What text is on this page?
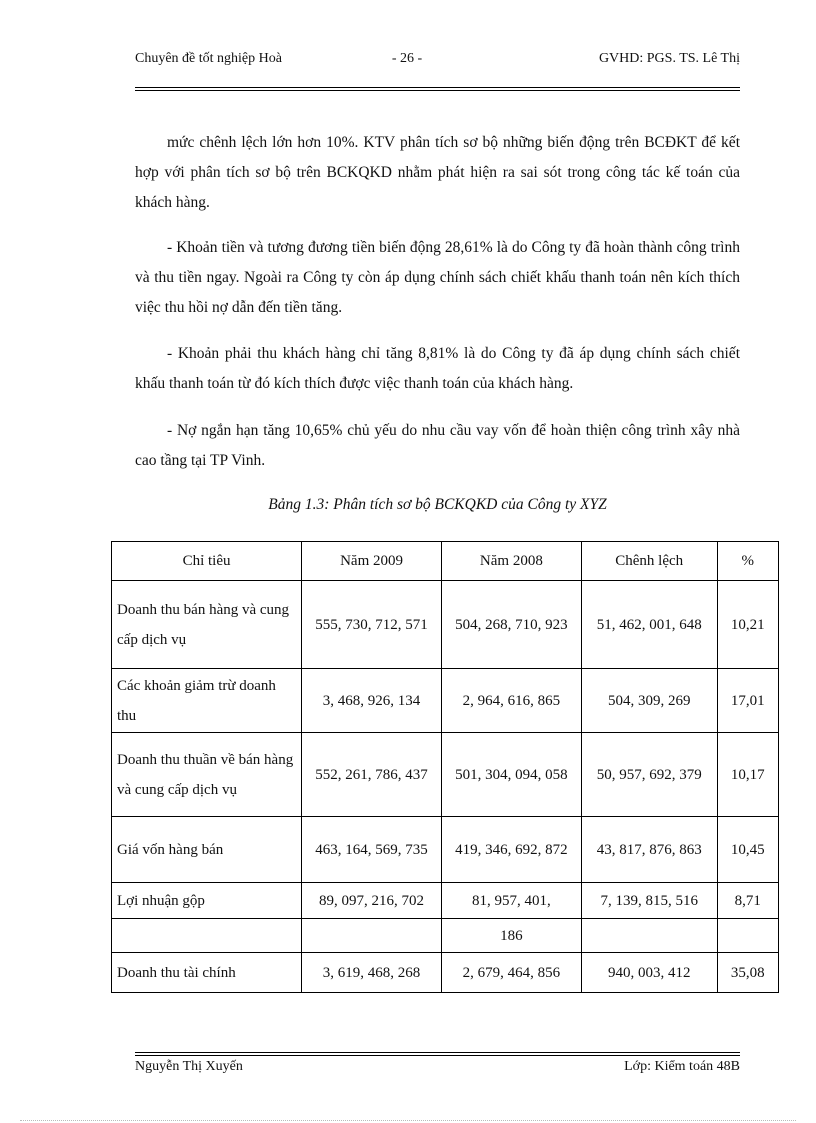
Chuyên đề tốt nghiệp Hoà	- 26 -	GVHD: PGS. TS. Lê Thị

mức chênh lệch lớn hơn 10%. KTV phân tích sơ bộ những biến động trên BCĐKT để kết hợp với phân tích sơ bộ trên BCKQKD nhằm phát hiện ra sai sót trong công tác kế toán của khách hàng.

- Khoản tiền và tương đương tiền biến động 28,61% là do Công ty đã hoàn thành công trình và thu tiền ngay. Ngoài ra Công ty còn áp dụng chính sách chiết khấu thanh toán nên kích thích việc thu hồi nợ dẫn đến tiền tăng.

- Khoản phải thu khách hàng chỉ tăng 8,81% là do Công ty đã áp dụng chính sách chiết khấu thanh toán từ đó kích thích được việc thanh toán của khách hàng.

- Nợ ngắn hạn tăng 10,65% chủ yếu do nhu cầu vay vốn để hoàn thiện công trình xây nhà cao tầng tại TP Vinh.

Bảng 1.3: Phân tích sơ bộ BCKQKD của Công ty XYZ
Chỉ tiêu	Năm 2009	Năm 2008	Chênh lệch	%
Doanh thu bán hàng và cung cấp dịch vụ	555, 730, 712, 571	504, 268, 710, 923	51, 462, 001, 648	10,21
Các khoản giảm trừ doanh thu	3, 468, 926, 134	2, 964, 616, 865	504, 309, 269	17,01
Doanh thu thuần về bán hàng và cung cấp dịch vụ	552, 261, 786, 437	501, 304, 094, 058	50, 957, 692, 379	10,17
Giá vốn hàng bán	463, 164, 569, 735	419, 346, 692, 872	43, 817, 876, 863	10,45
Lợi nhuận gộp	89, 097, 216, 702	81, 957, 401,	7, 139, 815, 516	8,71
		186		
Doanh thu tài chính	3, 619, 468, 268	2, 679, 464, 856	940, 003, 412	35,08
Nguyễn Thị Xuyến	Lớp: Kiểm toán 48B
